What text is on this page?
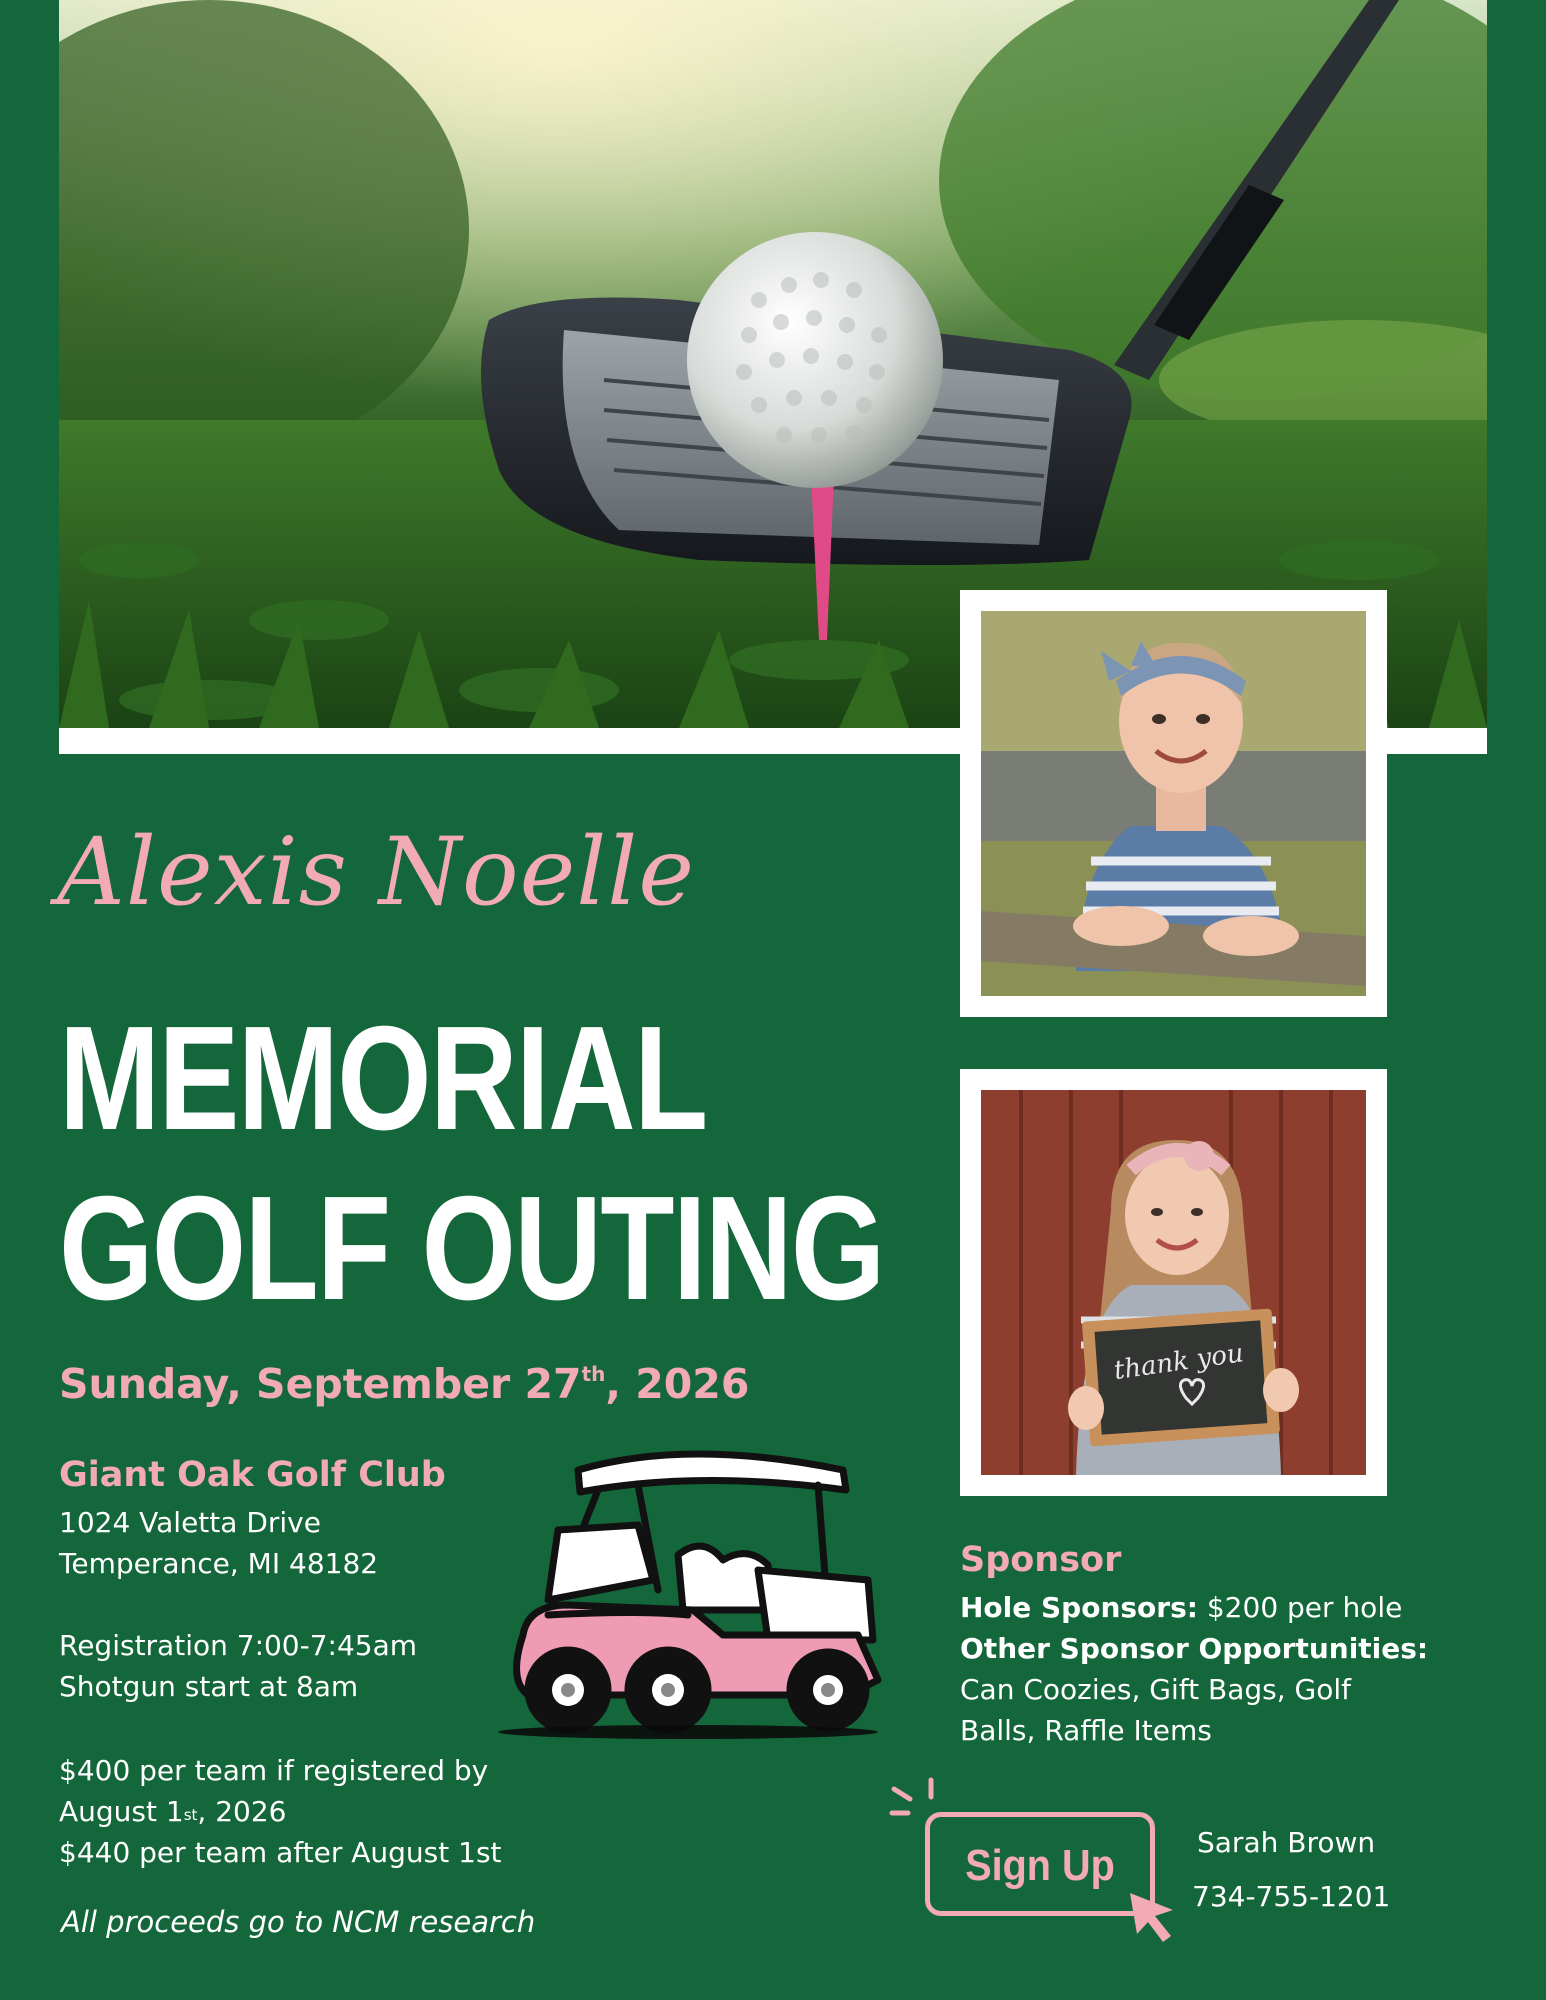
thank you
Alexis Noelle
MEMORIAL
GOLF OUTING
Sunday, September 27th, 2026
Giant Oak Golf Club
1024 Valetta Drive
Temperance, MI 48182
Registration 7:00-7:45am
Shotgun start at 8am
$400 per team if registered by
August 1st, 2026
$440 per team after August 1st
All proceeds go to NCM research
Sponsor
Hole Sponsors: $200 per hole
Other Sponsor Opportunities:
Can Coozies, Gift Bags, Golf Balls, Raffle Items
Sign Up	Sarah Brown
734-755-1201
